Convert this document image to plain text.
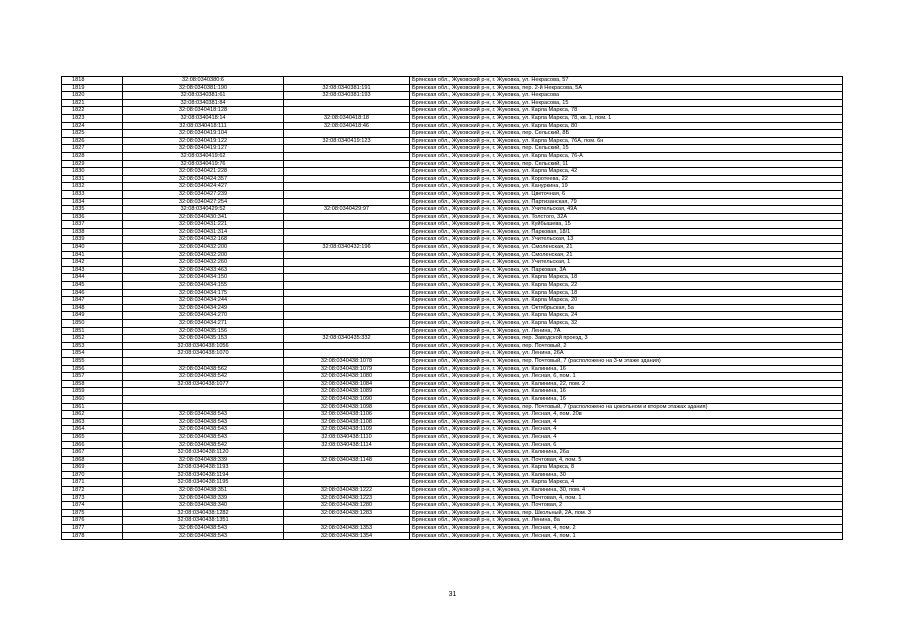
1818	32:08:0340380:6		Брянская обл., Жуковский р-н, г. Жуковка, ул. Некрасова, 57
1819	32:08:0340381:190	32:08:0340381:191	Брянская обл., Жуковский р-н, г. Жуковка, пер. 2-й Некрасова, 5А
1820	32:08:0340381:61	32:08:0340381:193	Брянская обл., Жуковский р-н, г. Жуковка, ул. Некрасова
1821	32:08:0340381:84		Брянская обл., Жуковский р-н, г. Жуковка, ул. Некрасова, 15
1822	32:08:0340418:128		Брянская обл., Жуковский р-н, г. Жуковка, ул. Карла Маркса, 78
1823	32:08:0340418:14	32:08:0340418:18	Брянская обл., Жуковский р-н, г. Жуковка, ул. Карла Маркса, 78, кв. 1, пом. 1
1824	32:08:0340418:111	32:08:0340418:46	Брянская обл., Жуковский р-н, г. Жуковка, ул. Карла Маркса, 80
1825	32:08:0340419:104		Брянская обл., Жуковский р-н, г. Жуковка, пер. Сельский, 8Б
1826	32:08:0340419:122	32:08:0340419:123	Брянская обл., Жуковский р-н, г. Жуковка, ул. Карла Маркса, 76А, пом. 6н
1827	32:08:0340419:127		Брянская обл., Жуковский р-н, г. Жуковка, пер. Сельский, 15
1828	32:08:0340419:62		Брянская обл., Жуковский р-н, г. Жуковка, ул. Карла Маркса, 76-А
1829	32:08:0340419:76		Брянская обл., Жуковский р-н, г. Жуковка, пер. Сельский, 11
1830	32:08:0340421:228		Брянская обл., Жуковский р-н, г. Жуковка, ул. Карла Маркса, 42
1831	32:08:0340424:357		Брянская обл., Жуковский р-н, г. Жуковка, ул. Коротеева, 22
1832	32:08:0340424:427		Брянская обл., Жуковский р-н, г. Жуковка, ул. Кануркина, 19
1833	32:08:0340427:239		Брянская обл., Жуковский р-н, г. Жуковка, ул. Цветочная, 6
1834	32:08:0340427:254		Брянская обл., Жуковский р-н, г. Жуковка, ул. Партизанская, 79
1835	32:08:0340429:52	32:08:0340429:97	Брянская обл., Жуковский р-н, г. Жуковка, ул. Учительская, 49А
1836	32:08:0340430:341		Брянская обл., Жуковский р-н, г. Жуковка, ул. Толстого, 32А
1837	32:08:0340431:221		Брянская обл., Жуковский р-н, г. Жуковка, ул. Куйбышева, 15
1838	32:08:0340431:314		Брянская обл., Жуковский р-н, г. Жуковка, ул. Парковая, 18/1
1839	32:08:0340432:168		Брянская обл., Жуковский р-н, г. Жуковка, ул. Учительская, 13
1840	32:08:0340432:200	32:08:0340432:196	Брянская обл., Жуковский р-н, г. Жуковка, ул. Смоленская, 21
1841	32:08:0340432:200		Брянская обл., Жуковский р-н, г. Жуковка, ул. Смоленская, 21
1842	32:08:0340432:260		Брянская обл., Жуковский р-н, г. Жуковка, ул. Учительская, 1
1843	32:08:0340433:463		Брянская обл., Жуковский р-н, г. Жуковка, ул. Парковая, 3А
1844	32:08:0340434:150		Брянская обл., Жуковский р-н, г. Жуковка, ул. Карла Маркса, 18
1845	32:08:0340434:155		Брянская обл., Жуковский р-н, г. Жуковка, ул. Карла Маркса, 22
1846	32:08:0340434:175		Брянская обл., Жуковский р-н, г. Жуковка, ул. Карла Маркса, 18
1847	32:08:0340434:244		Брянская обл., Жуковский р-н, г. Жуковка, ул. Карла Маркса, 20
1848	32:08:0340434:249		Брянская обл., Жуковский р-н, г. Жуковка, ул. Октябрьская, 5а
1849	32:08:0340434:270		Брянская обл., Жуковский р-н, г. Жуковка, ул. Карла Маркса, 24
1850	32:08:0340434:271		Брянская обл., Жуковский р-н, г. Жуковка, ул. Карла Маркса, 32
1851	32:08:0340435:156		Брянская обл., Жуковский р-н, г. Жуковка, ул. Ленина, 7А
1852	32:08:0340435:153	32:08:0340435:332	Брянская обл., Жуковский р-н, г. Жуковка, пер. Заводской проезд, 3
1853	32:08:0340438:1056		Брянская обл., Жуковский р-н, г. Жуковка, пер. Почтовый, 2
1854	32:08:0340438:1070		Брянская обл., Жуковский р-н, г. Жуковка, ул. Ленина, 26А
1855		32:08:0340438:1078	Брянская обл., Жуковский р-н, г. Жуковка, пер. Почтовый, 7 (расположено на 3-м этаже здания)
1856	32:08:0340438:562	32:08:0340438:1079	Брянская обл., Жуковский р-н, г. Жуковка, ул. Калинина, 16
1857	32:08:0340438:542	32:08:0340438:1080	Брянская обл., Жуковский р-н, г. Жуковка, ул. Лесная, 6, пом. 1
1858	32:08:0340438:1077	32:08:0340438:1084	Брянская обл., Жуковский р-н, г. Жуковка, ул. Калинина, 22, пом. 2
1859		32:08:0340438:1089	Брянская обл., Жуковский р-н, г. Жуковка, ул. Калинина, 16
1860		32:08:0340438:1090	Брянская обл., Жуковский р-н, г. Жуковка, ул. Калинина, 16
1861		32:08:0340438:1098	Брянская обл., Жуковский р-н, г. Жуковка, пер. Почтовый, 7 (расположено на цокольном и втором этажах здания)
1862	32:08:0340438:543	32:08:0340438:1106	Брянская обл., Жуковский р-н, г. Жуковка, ул. Лесная, 4, пом. 20в
1863	32:08:0340438:543	32:08:0340438:1108	Брянская обл., Жуковский р-н, г. Жуковка, ул. Лесная, 4
1864	32:08:0340438:543	32:08:0340438:1109	Брянская обл., Жуковский р-н, г. Жуковка, ул. Лесная, 4
1865	32:08:0340438:543	32:08:0340438:1110	Брянская обл., Жуковский р-н, г. Жуковка, ул. Лесная, 4
1866	32:08:0340438:542	32:08:0340438:1114	Брянская обл., Жуковский р-н, г. Жуковка, ул. Лесная, 6
1867	32:08:0340438:1120		Брянская обл., Жуковский р-н, г. Жуковка, ул. Калинина, 26а
1868	32:08:0340438:339	32:08:0340438:1148	Брянская обл., Жуковский р-н, г. Жуковка, ул. Почтовая, 4, пом. 5
1869	32:08:0340438:1193		Брянская обл., Жуковский р-н, г. Жуковка, ул. Карла Маркса, 8
1870	32:08:0340438:1194		Брянская обл., Жуковский р-н, г. Жуковка, ул. Калинина, 30
1871	32:08:0340438:1195		Брянская обл., Жуковский р-н, г. Жуковка, ул. Карла Маркса, 4
1872	32:08:0340438:351	32:08:0340438:1222	Брянская обл., Жуковский р-н, г. Жуковка, ул. Калинина, 30, пом. 4
1873	32:08:0340438:339	32:08:0340438:1223	Брянская обл., Жуковский р-н, г. Жуковка, ул. Почтовая, 4, пом. 1
1874	32:08:0340438:340	32:08:0340438:1280	Брянская обл., Жуковский р-н, г. Жуковка, ул. Почтовая, 2
1875	32:08:0340438:1282	32:08:0340438:1283	Брянская обл., Жуковский р-н, г. Жуковка, пер. Школьный, 2А, пом. 3
1876	32:08:0340438:1351		Брянская обл., Жуковский р-н, г. Жуковка, ул. Ленина, 8а
1877	32:08:0340438:543	32:08:0340438:1353	Брянская обл., Жуковский р-н, г. Жуковка, ул. Лесная, 4, пом. 2
1878	32:08:0340438:543	32:08:0340438:1354	Брянская обл., Жуковский р-н, г. Жуковка, ул. Лесная, 4, пом. 1
31
